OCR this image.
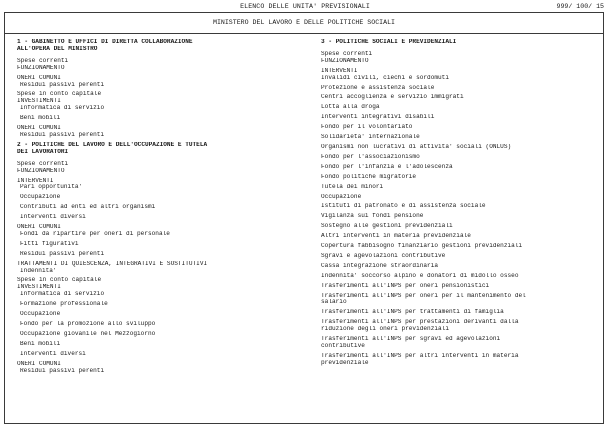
ELENCO DELLE UNITA' PREVISIONALI	999/ 100/ 15
MINISTERO DEL LAVORO E DELLE POLITICHE SOCIALI
1 - GABINETTO E UFFICI DI DIRETTA COLLABORAZIONE
ALL'OPERA DEL MINISTRO
Spese correnti
FUNZIONAMENTO
ONERI COMUNI
Residui passivi perenti
Spese in conto capitale
INVESTIMENTI
Informatica di servizio
Beni mobili
ONERI COMUNI
Residui passivi perenti
2 - POLITICHE DEL LAVORO E DELL'OCCUPAZIONE E TUTELA
DEI LAVORATORI
Spese correnti
FUNZIONAMENTO
INTERVENTI
Pari opportunita'
Occupazione
Contributi ad enti ed altri organismi
Interventi diversi
ONERI COMUNI
Fondi da ripartire per oneri di personale
Fitti figurativi
Residui passivi perenti
TRATTAMENTI DI QUIESCENZA, INTEGRATIVI E SOSTITUTIVI
Indennita'
Spese in conto capitale
INVESTIMENTI
Informatica di servizio
Formazione professionale
Occupazione
Fondo per la promozione allo sviluppo
Occupazione giovanile nel Mezzogiorno
Beni mobili
Interventi diversi
ONERI COMUNI
Residui passivi perenti
3 - POLITICHE SOCIALI E PREVIDENZIALI
Spese correnti
FUNZIONAMENTO
INTERVENTI
Invalidi civili, ciechi e sordomuti
Protezione e assistenza sociale
Centri accoglienza e servizio immigrati
Lotta alla droga
Interventi integrativi disabili
Fondo per il volontariato
Solidarieta' internazionale
Organismi non lucrativi di attivita' sociali (ONLUS)
Fondo per l'associazionismo
Fondo per l'infanzia e l'adolescenza
Fondo politiche migratorie
Tutela dei minori
Occupazione
Istituti di patronato e di assistenza sociale
Vigilanza sui fondi pensione
Sostegno alle gestioni previdenziali
Altri interventi in materia previdenziale
Copertura fabbisogno finanziario gestioni previdenziali
Sgravi e agevolazioni contributive
Cassa integrazione straordinaria
Indennita' soccorso alpino e donatori di midollo osseo
Trasferimenti all'INPS per oneri pensionistici
Trasferimenti all'INPS per oneri per il mantenimento del
salario
Trasferimenti all'INPS per trattamenti di famiglia
Trasferimenti all'INPS per prestazioni derivanti dalla
riduzione degli oneri previdenziali
Trasferimenti all'INPS per sgravi ed agevolazioni
contributive
Trasferimenti all'INPS per altri interventi in materia
previdenziale
